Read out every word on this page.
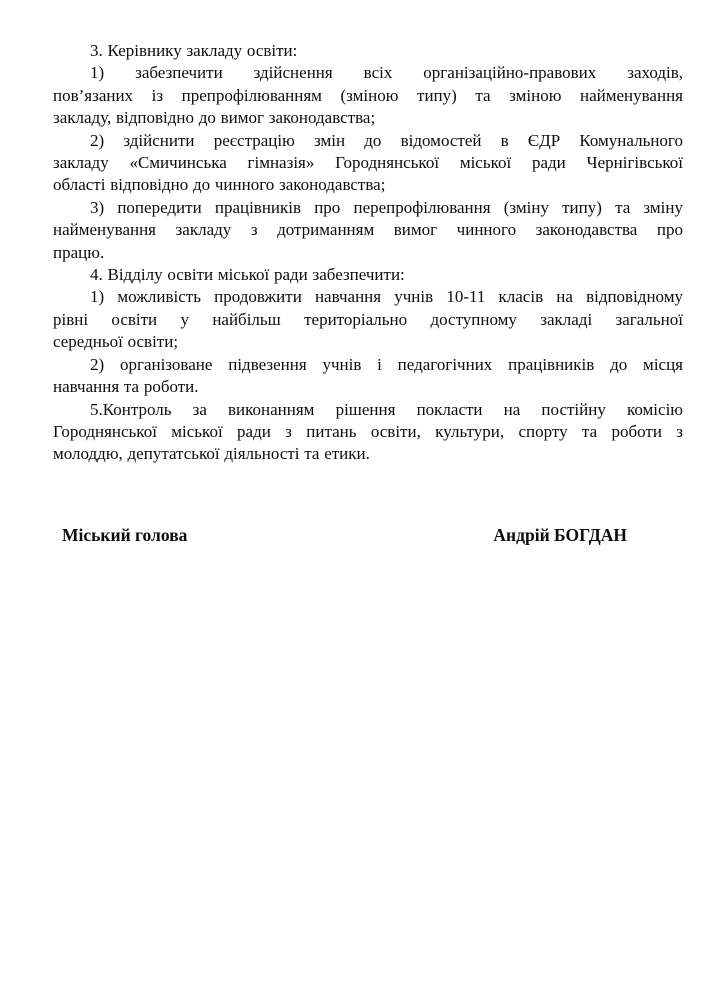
3. Керівнику закладу освіти:
1) забезпечити здійснення всіх організаційно-правових заходів,
пов’язаних із препрофілюванням (зміною типу) та зміною найменування
закладу, відповідно до вимог законодавства;
2) здійснити реєстрацію змін до відомостей в ЄДР Комунального
закладу «Смичинська гімназія» Городнянської міської ради Чернігівської
області відповідно до чинного законодавства;
3) попередити працівників про перепрофілювання (зміну типу) та зміну
найменування закладу з дотриманням вимог чинного законодавства про
працю.
4. Відділу освіти міської ради забезпечити:
1) можливість продовжити навчання учнів 10-11 класів на відповідному
рівні освіти у найбільш територіально доступному закладі загальної
середньої освіти;
2) організоване підвезення учнів і педагогічних працівників до місця
навчання та роботи.
5.Контроль за виконанням рішення покласти на постійну комісію
Городнянської міської ради з питань освіти, культури, спорту та роботи з
молоддю, депутатської діяльності та етики.
Міський голова	Андрій БОГДАН
